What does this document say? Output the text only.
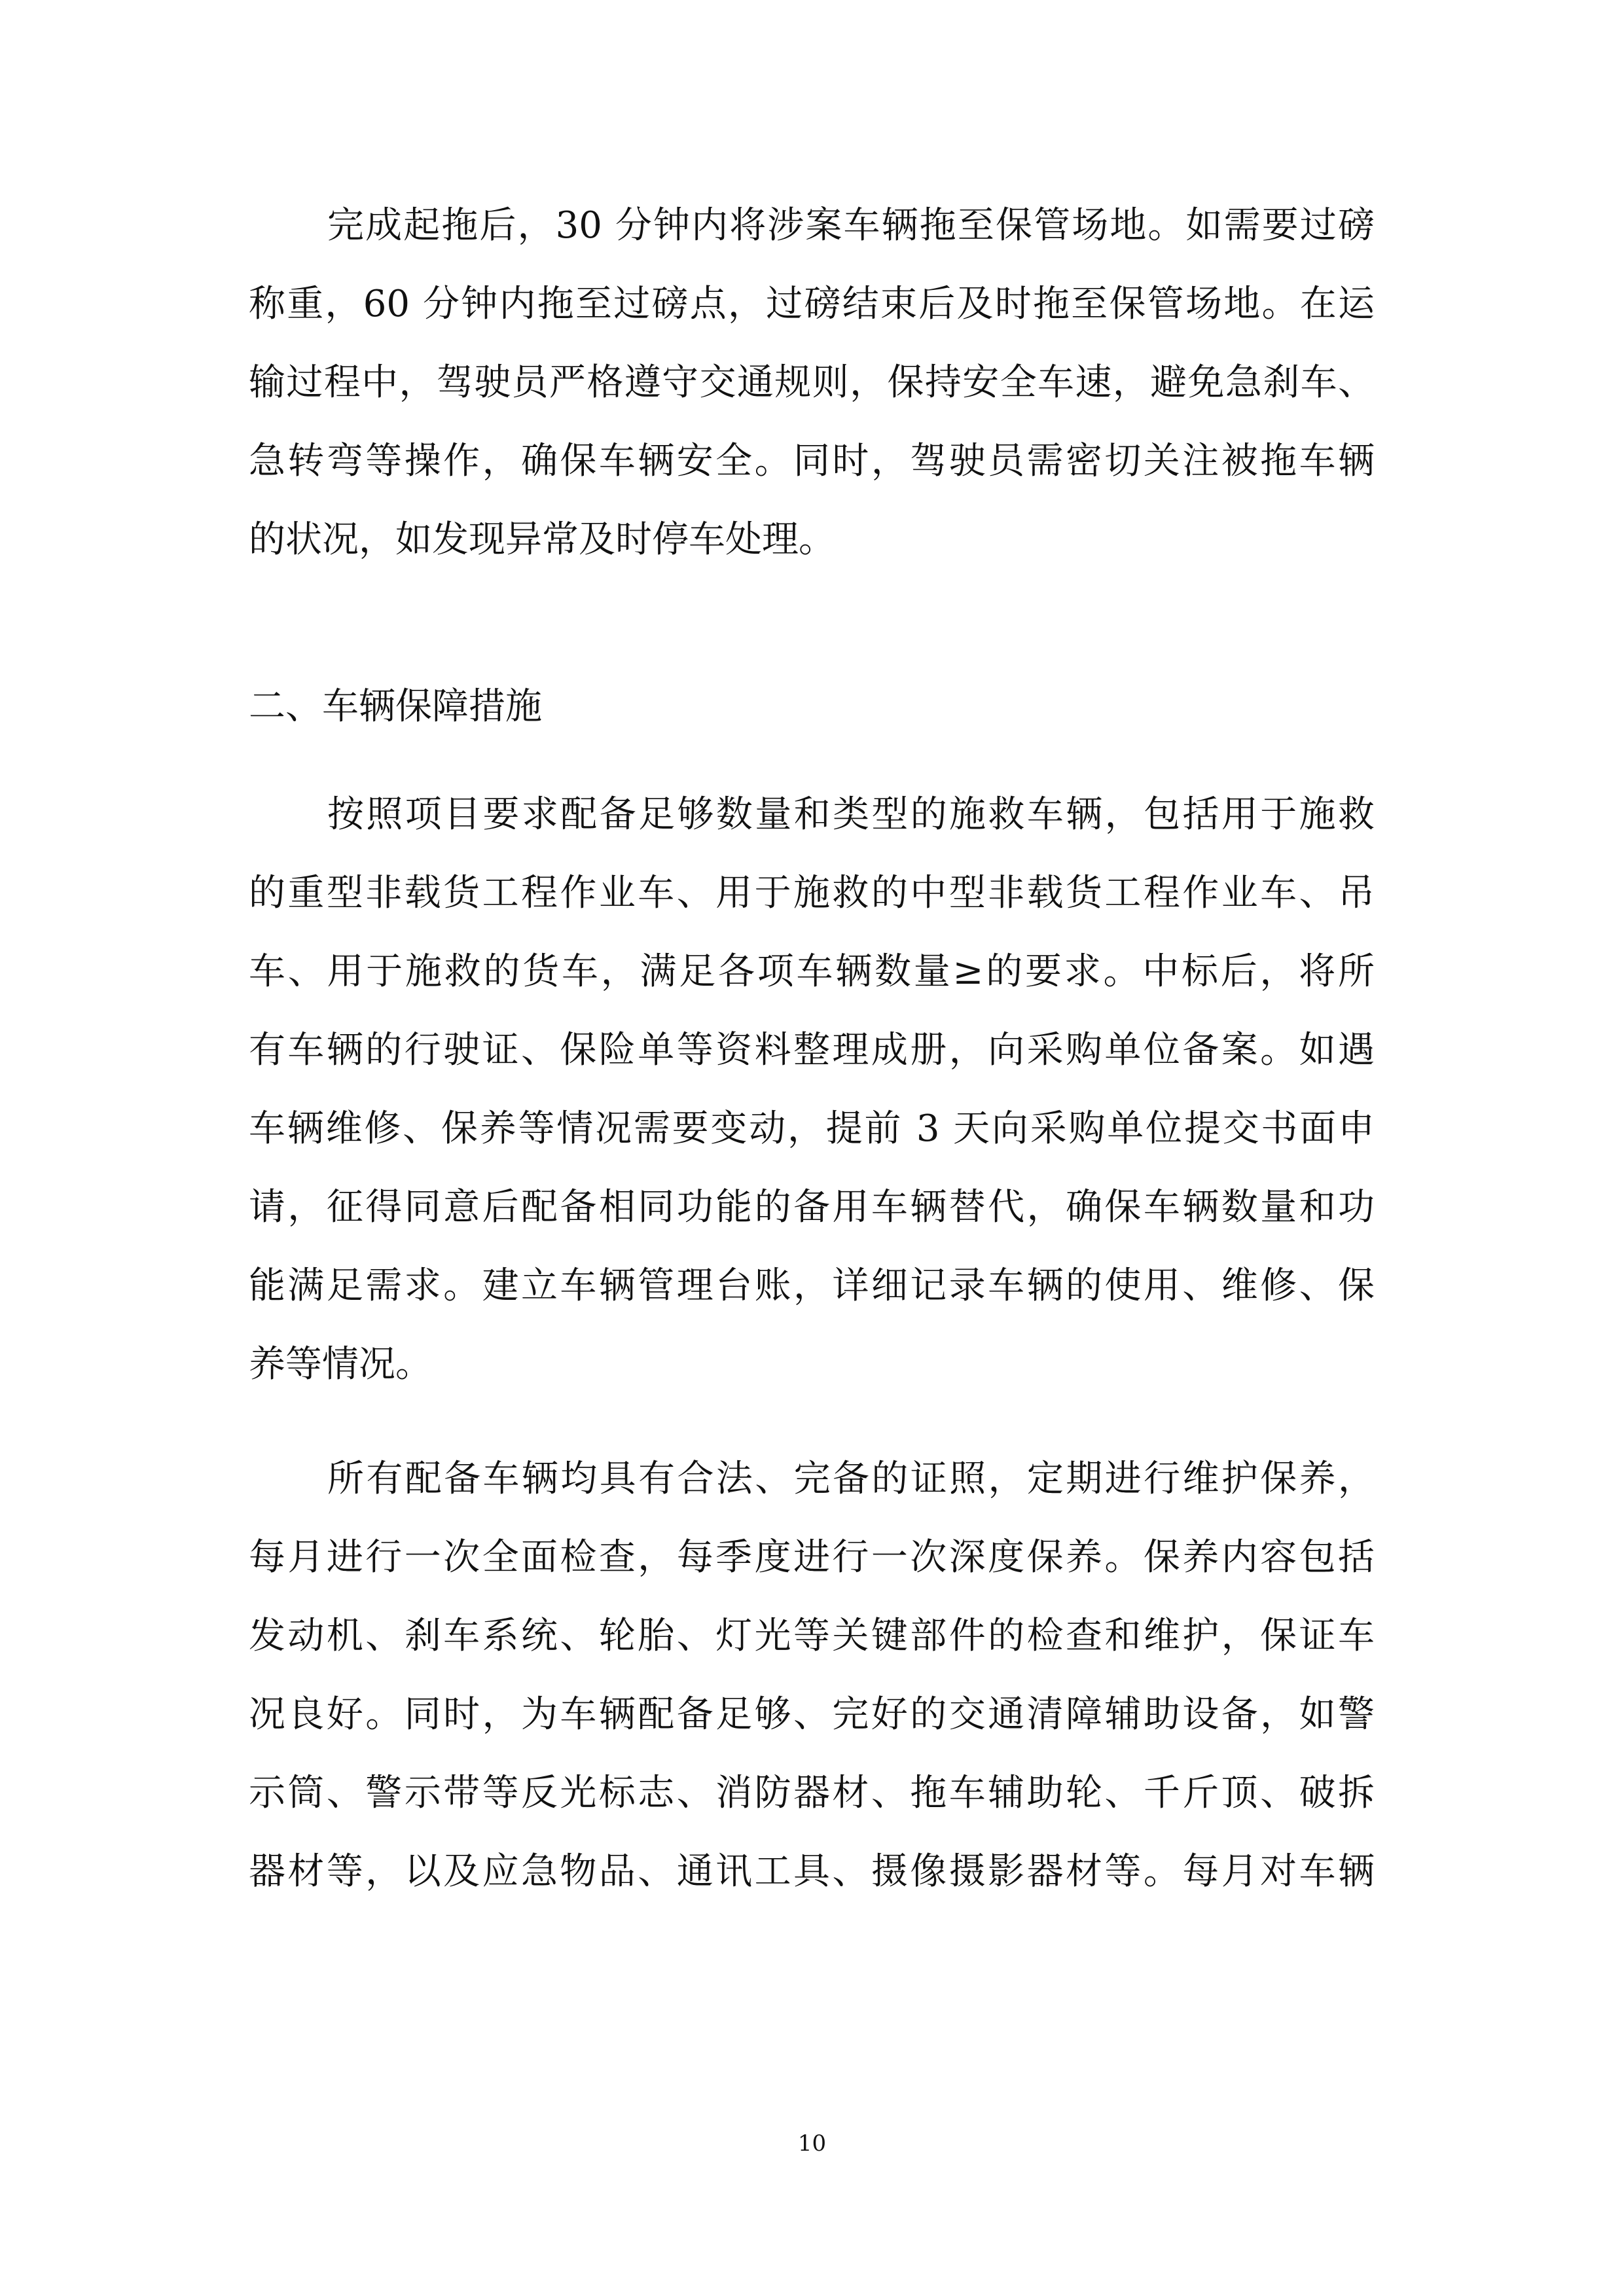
完成起拖后，30 分钟内将涉案车辆拖至保管场地。如需要过磅
称重，60 分钟内拖至过磅点，过磅结束后及时拖至保管场地。在运
输过程中，驾驶员严格遵守交通规则，保持安全车速，避免急刹车、
急转弯等操作，确保车辆安全。同时，驾驶员需密切关注被拖车辆
的状况，如发现异常及时停车处理。
二、车辆保障措施
按照项目要求配备足够数量和类型的施救车辆，包括用于施救
的重型非载货工程作业车、用于施救的中型非载货工程作业车、吊
车、用于施救的货车，满足各项车辆数量≥的要求。中标后，将所
有车辆的行驶证、保险单等资料整理成册，向采购单位备案。如遇
车辆维修、保养等情况需要变动，提前 3 天向采购单位提交书面申
请，征得同意后配备相同功能的备用车辆替代，确保车辆数量和功
能满足需求。建立车辆管理台账，详细记录车辆的使用、维修、保
养等情况。
所有配备车辆均具有合法、完备的证照，定期进行维护保养，
每月进行一次全面检查，每季度进行一次深度保养。保养内容包括
发动机、刹车系统、轮胎、灯光等关键部件的检查和维护，保证车
况良好。同时，为车辆配备足够、完好的交通清障辅助设备，如警
示筒、警示带等反光标志、消防器材、拖车辅助轮、千斤顶、破拆
器材等，以及应急物品、通讯工具、摄像摄影器材等。每月对车辆
10
